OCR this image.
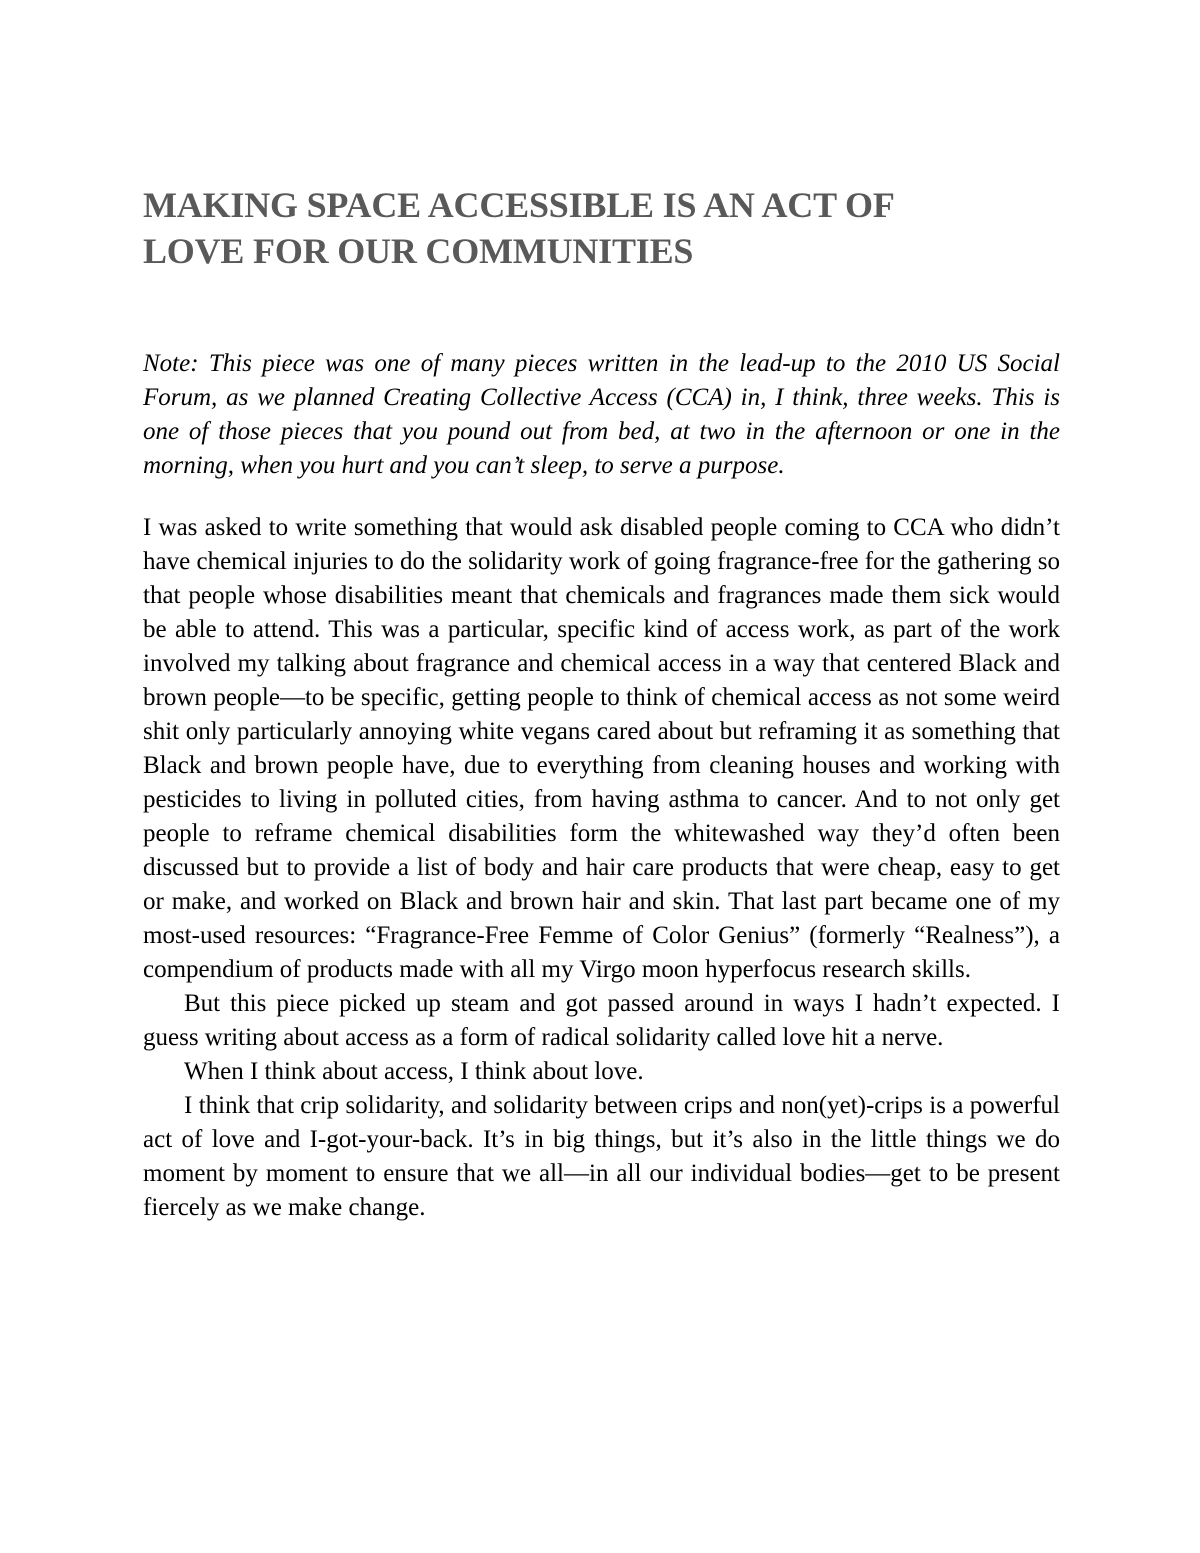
MAKING SPACE ACCESSIBLE IS AN ACT OF
LOVE FOR OUR COMMUNITIES

Note: This piece was one of many pieces written in the lead-up to the 2010 US Social Forum, as we planned Creating Collective Access (CCA) in, I think, three weeks. This is one of those pieces that you pound out from bed, at two in the afternoon or one in the morning, when you hurt and you can’t sleep, to serve a purpose.

I was asked to write something that would ask disabled people coming to CCA who didn’t have chemical injuries to do the solidarity work of going fragrance-free for the gathering so that people whose disabilities meant that chemicals and fragrances made them sick would be able to attend. This was a particular, specific kind of access work, as part of the work involved my talking about fragrance and chemical access in a way that centered Black and brown people—to be specific, getting people to think of chemical access as not some weird shit only particularly annoying white vegans cared about but reframing it as something that Black and brown people have, due to everything from cleaning houses and working with pesticides to living in polluted cities, from having asthma to cancer. And to not only get people to reframe chemical disabilities form the whitewashed way they’d often been discussed but to provide a list of body and hair care products that were cheap, easy to get or make, and worked on Black and brown hair and skin. That last part became one of my most-used resources: “Fragrance-Free Femme of Color Genius” (formerly “Realness”), a compendium of products made with all my Virgo moon hyperfocus research skills.

But this piece picked up steam and got passed around in ways I hadn’t expected. I guess writing about access as a form of radical solidarity called love hit a nerve.

When I think about access, I think about love.

I think that crip solidarity, and solidarity between crips and non(yet)-crips is a powerful act of love and I-got-your-back. It’s in big things, but it’s also in the little things we do moment by moment to ensure that we all—in all our individual bodies—get to be present fiercely as we make change.
